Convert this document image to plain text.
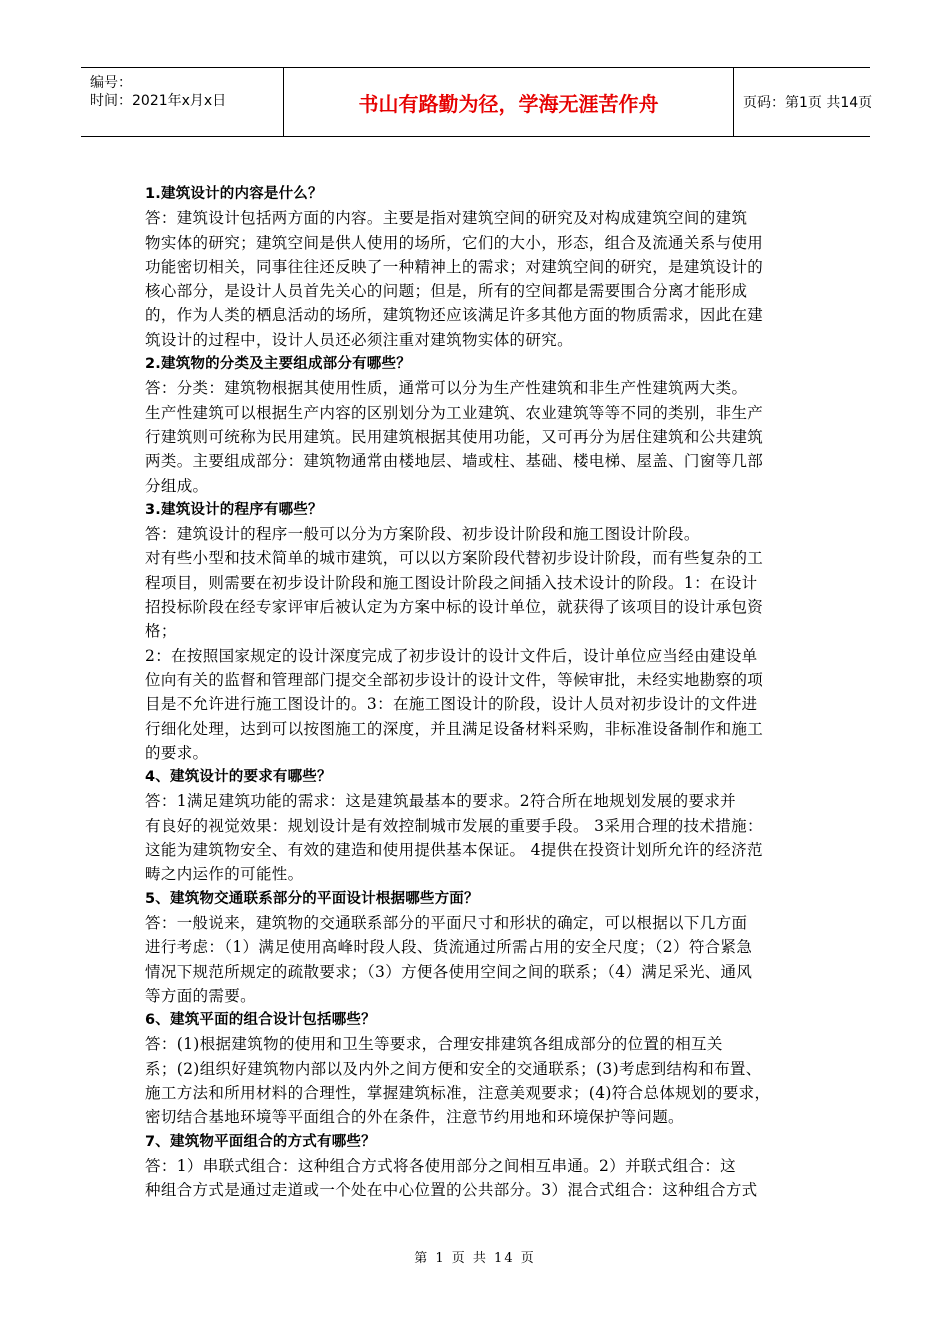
编号：
时间：2021年x月x日	书山有路勤为径，学海无涯苦作舟	页码：第1页 共14页
1.建筑设计的内容是什么？
答：建筑设计包括两方面的内容。主要是指对建筑空间的研究及对构成建筑空间的建筑
物实体的研究；建筑空间是供人使用的场所，它们的大小，形态，组合及流通关系与使用
功能密切相关，同事往往还反映了一种精神上的需求；对建筑空间的研究，是建筑设计的
核心部分，是设计人员首先关心的问题；但是，所有的空间都是需要围合分离才能形成
的，作为人类的栖息活动的场所，建筑物还应该满足许多其他方面的物质需求，因此在建
筑设计的过程中，设计人员还必须注重对建筑物实体的研究。
2.建筑物的分类及主要组成部分有哪些？
答：分类：建筑物根据其使用性质，通常可以分为生产性建筑和非生产性建筑两大类。
生产性建筑可以根据生产内容的区别划分为工业建筑、农业建筑等等不同的类别，非生产
行建筑则可统称为民用建筑。民用建筑根据其使用功能，又可再分为居住建筑和公共建筑
两类。主要组成部分：建筑物通常由楼地层、墙或柱、基础、楼电梯、屋盖、门窗等几部
分组成。
3.建筑设计的程序有哪些？
答：建筑设计的程序一般可以分为方案阶段、初步设计阶段和施工图设计阶段。
对有些小型和技术简单的城市建筑，可以以方案阶段代替初步设计阶段，而有些复杂的工
程项目，则需要在初步设计阶段和施工图设计阶段之间插入技术设计的阶段。1：在设计
招投标阶段在经专家评审后被认定为方案中标的设计单位，就获得了该项目的设计承包资
格；
2：在按照国家规定的设计深度完成了初步设计的设计文件后，设计单位应当经由建设单
位向有关的监督和管理部门提交全部初步设计的设计文件，等候审批，未经实地勘察的项
目是不允许进行施工图设计的。3：在施工图设计的阶段，设计人员对初步设计的文件进
行细化处理，达到可以按图施工的深度，并且满足设备材料采购，非标准设备制作和施工
的要求。
4、建筑设计的要求有哪些？
答：1满足建筑功能的需求：这是建筑最基本的要求。2符合所在地规划发展的要求并
有良好的视觉效果：规划设计是有效控制城市发展的重要手段。 3采用合理的技术措施：
这能为建筑物安全、有效的建造和使用提供基本保证。 4提供在投资计划所允许的经济范
畴之内运作的可能性。
5、建筑物交通联系部分的平面设计根据哪些方面？
答：一般说来，建筑物的交通联系部分的平面尺寸和形状的确定，可以根据以下几方面
进行考虑：（1）满足使用高峰时段人段、货流通过所需占用的安全尺度；（2）符合紧急
情况下规范所规定的疏散要求；（3）方便各使用空间之间的联系；（4）满足采光、通风
等方面的需要。
6、建筑平面的组合设计包括哪些？
答：(1)根据建筑物的使用和卫生等要求，合理安排建筑各组成部分的位置的相互关
系；(2)组织好建筑物内部以及内外之间方便和安全的交通联系；(3)考虑到结构和布置、
施工方法和所用材料的合理性，掌握建筑标准，注意美观要求；(4)符合总体规划的要求，
密切结合基地环境等平面组合的外在条件，注意节约用地和环境保护等问题。
7、建筑物平面组合的方式有哪些？
答：1）串联式组合：这种组合方式将各使用部分之间相互串通。2）并联式组合：这
种组合方式是通过走道或一个处在中心位置的公共部分。3）混合式组合：这种组合方式
第 1 页 共 14 页
